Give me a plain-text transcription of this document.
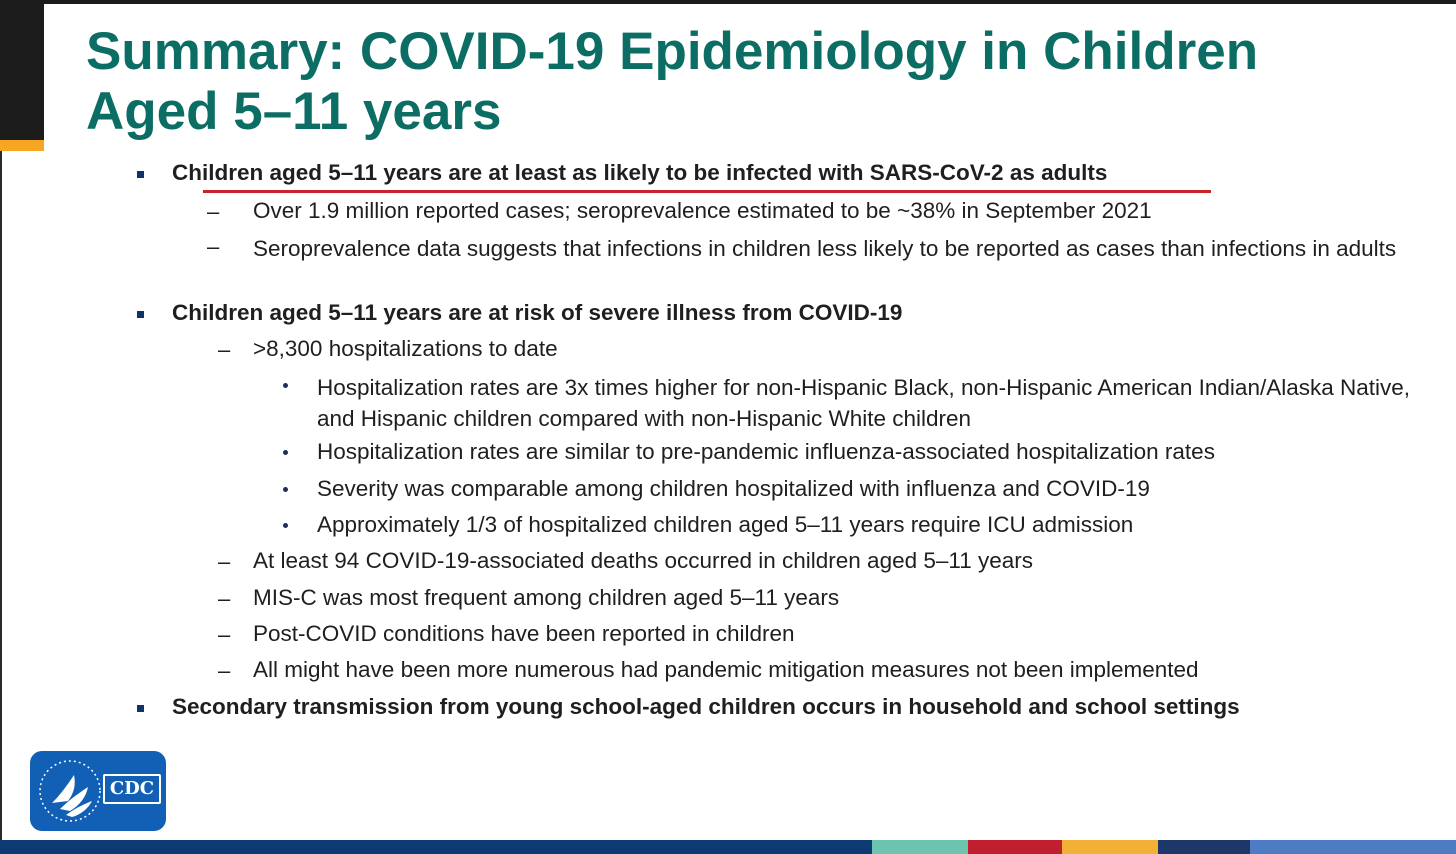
Summary: COVID-19 Epidemiology in Children
Aged 5–11 years
Children aged 5–11 years are at least as likely to be infected with SARS-CoV-2 as adults
– Over 1.9 million reported cases; seroprevalence estimated to be ~38% in September 2021
– Seroprevalence data suggests that infections in children less likely to be reported as cases than infections in adults
Children aged 5–11 years are at risk of severe illness from COVID-19
– >8,300 hospitalizations to date
Hospitalization rates are 3x times higher for non-Hispanic Black, non-Hispanic American Indian/Alaska Native, and Hispanic children compared with non-Hispanic White children
Hospitalization rates are similar to pre-pandemic influenza-associated hospitalization rates
Severity was comparable among children hospitalized with influenza and COVID-19
Approximately 1/3 of hospitalized children aged 5–11 years require ICU admission
– At least 94 COVID-19-associated deaths occurred in children aged 5–11 years
– MIS-C was most frequent among children aged 5–11 years
– Post-COVID conditions have been reported in children
– All might have been more numerous had pandemic mitigation measures not been implemented
Secondary transmission from young school-aged children occurs in household and school settings
CDC
